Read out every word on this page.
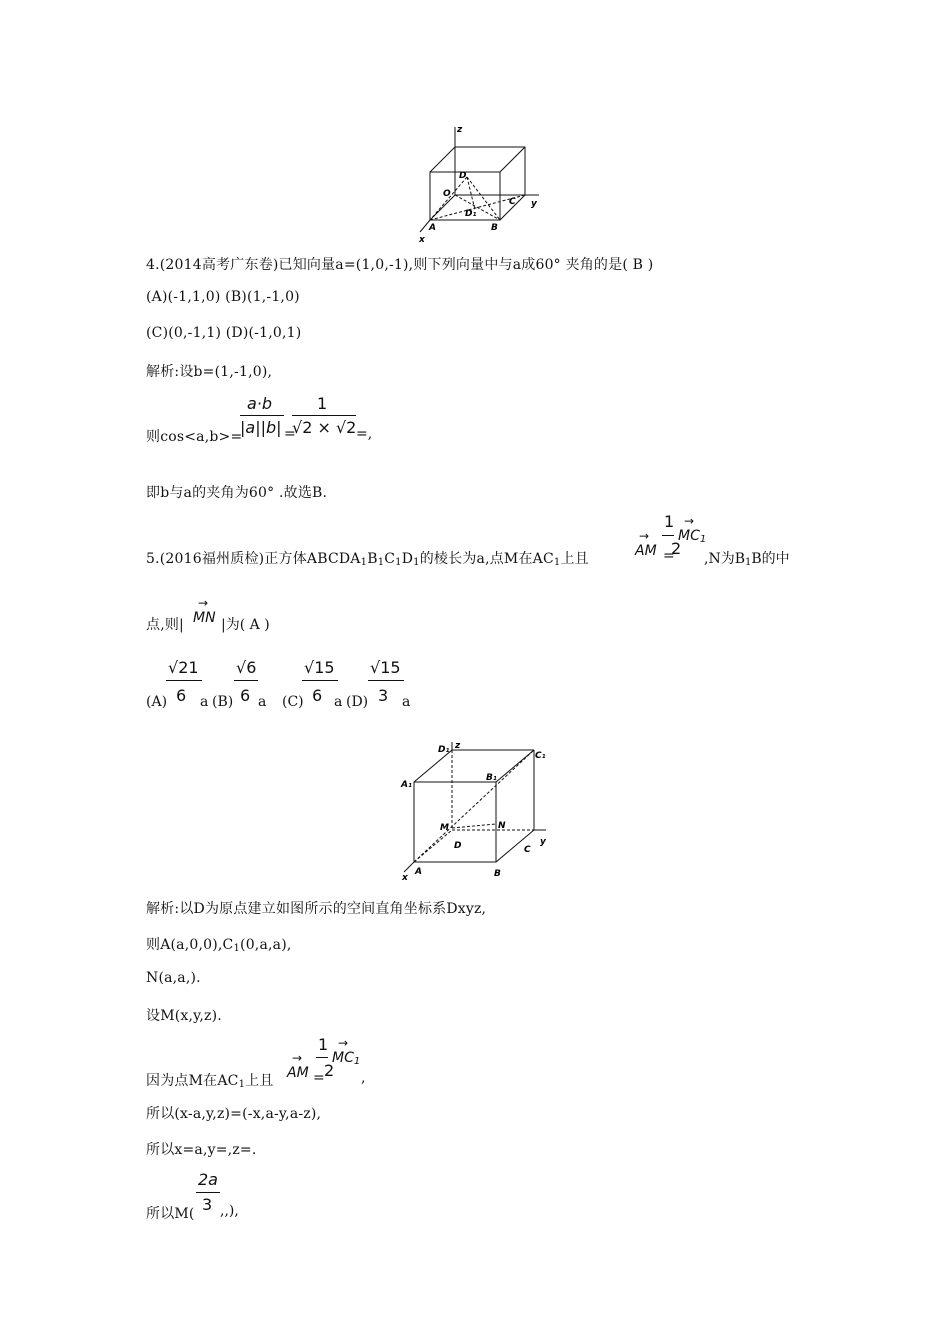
z
D
O
D₁
C y
A	B
x
4.(2014高考广东卷)已知向量a=(1,0,-1),则下列向量中与a成60° 夹角的是( B )
(A)(-1,1,0) (B)(1,-1,0)
(C)(0,-1,1) (D)(-1,0,1)
解析:设b=(1,-1,0),
则cos<a,b>=
a·b
|a||b| =
1
√2 × √2 =,
即b与a的夹角为60° .故选B.
5.(2016福州质检)正方体$ABCDA_1B_1C_1D_1$的棱长为a,点M在$AC_1$上且
→
AM =
1
2
→
$MC_1$
,N为$B_1B$的中
点,则|
→
MN |为( A )
(A)
√21
6 a (B)
√6
6 a (C)
√15
6 a (D)
√15
3 a
D₁ z
C₁
A₁
B₁
M	N
D	y
A
C
B
x
解析:以D为原点建立如图所示的空间直角坐标系Dxyz,
则$A(a,0,0),C_1(0,a,a)$,
N(a,a,).
设M(x,y,z).
因为点M在$AC_1$上且
→
AM =
1
2
→
$MC_1$
,
所以(x-a,y,z)=(-x,a-y,a-z),
所以x=a,y=,z=.
所以M(
2a
3 ,,),
